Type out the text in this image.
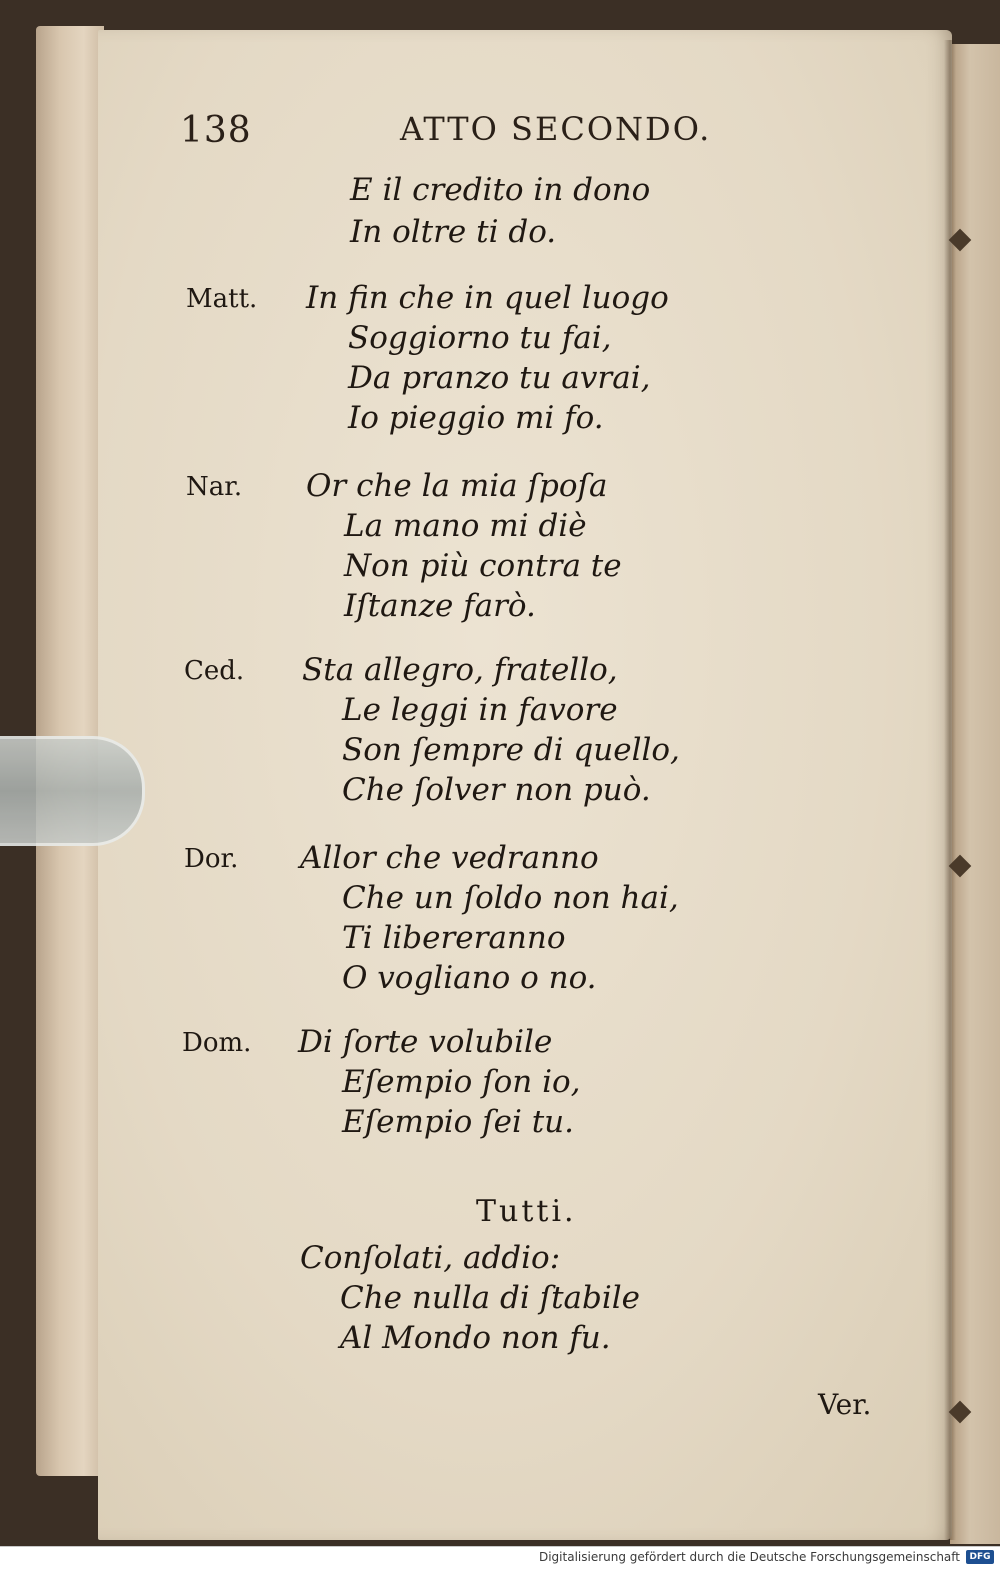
138	ATTO SECONDO.
E il credito in dono
In oltre ti do.
Matt. In fin che in quel luogo
Soggiorno tu fai,
Da pranzo tu avrai,
Io pieggio mi fo.
Nar. Or che la mia ſpoſa
La mano mi diè
Non più contra te
Iſtanze farò.
Ced. Sta allegro, fratello,
Le leggi in favore
Son ſempre di quello,
Che ſolver non può.
Dor. Allor che vedranno
Che un ſoldo non hai,
Ti libereranno
O vogliano o no.
Dom. Di ſorte volubile
Eſempio ſon io,
Eſempio ſei tu.
Tutti.
Conſolati, addio:
Che nulla di ſtabile
Al Mondo non fu.
Ver.
Digitalisierung gefördert durch die Deutsche Forschungsgemeinschaft	DFG
